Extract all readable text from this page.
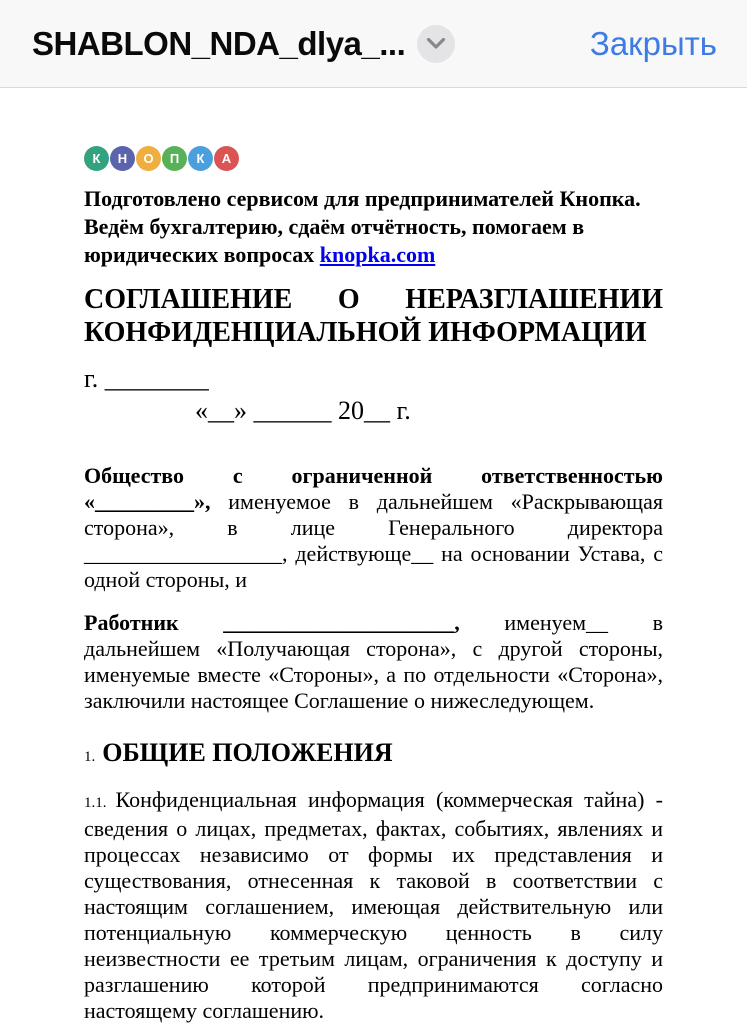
SHABLON_NDA_dlya_...	Закрыть
К	Н	О	П	К	А

Подготовлено сервисом для предпринимателей Кнопка. Ведём бухгалтерию, сдаём отчётность, помогаем в юридических вопросах knopka.com

СОГЛАШЕНИЕ О НЕРАЗГЛАШЕНИИ КОНФИДЕНЦИАЛЬНОЙ ИНФОРМАЦИИ

г. ________

«__» ______ 20__ г.

Общество с ограниченной ответственностью «_________», именуемое в дальнейшем «Раскрывающая сторона», в лице Генерального директора __________________, действующе__ на основании Устава, с одной стороны, и

Работник _____________________, именуем__ в дальнейшем «Получающая сторона», с другой стороны, именуемые вместе «Стороны», а по отдельности «Сторона», заключили настоящее Соглашение о нижеследующем.

1. ОБЩИЕ ПОЛОЖЕНИЯ

1.1. Конфиденциальная информация (коммерческая тайна) - сведения о лицах, предметах, фактах, событиях, явлениях и процессах независимо от формы их представления и существования, отнесенная к таковой в соответствии с настоящим соглашением, имеющая действительную или потенциальную коммерческую ценность в силу неизвестности ее третьим лицам, ограничения к доступу и разглашению которой предпринимаются согласно настоящему соглашению.
